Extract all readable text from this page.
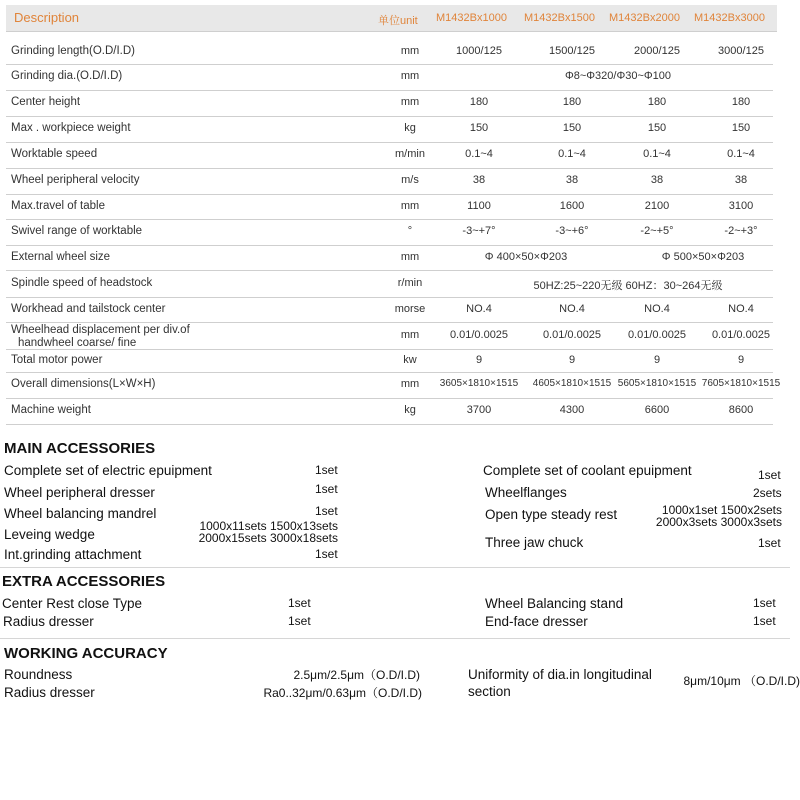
Description	单位unit M1432Bx1000 M1432Bx1500 M1432Bx2000 M1432Bx3000
Grinding length(O.D/I.D)	mm	1000/125	1500/125	2000/125	3000/125
Grinding dia.(O.D/I.D)	mm	Φ8~Φ320/Φ30~Φ100
Center height	mm	180	180	180	180
Max . workpiece weight	kg	150	150	150	150
Worktable speed	m/min	0.1~4	0.1~4	0.1~4	0.1~4
Wheel peripheral velocity	m/s	38	38	38	38
Max.travel of table	mm	1100	1600	2100	3100
Swivel range of worktable	°	-3~+7°	-3~+6°	-2~+5°	-2~+3°
External wheel size	mm	Φ 400×50×Φ203	Φ 500×50×Φ203
Spindle speed of headstock	r/min	50HZ:25~220无级 60HZ：30~264无级
Workhead and tailstock center	morse	NO.4	NO.4	NO.4	NO.4
Wheelhead displacement per div.of
handwheel coarse/ fine
mm	0.01/0.0025	0.01/0.0025 0.01/0.0025 0.01/0.0025
Total motor power	kw	9	9	9	9
Overall dimensions(L×W×H)	mm 3605×1810×1515 4605×1810×1515 5605×1810×1515 7605×1810×1515
Machine weight	kg	3700	4300	6600	8600
MAIN ACCESSORIES
Complete set of electric epuipment	1set
Wheel peripheral dresser	1set
Wheel balancing mandrel	1set
Leveing wedge
1000x11sets 1500x13sets
2000x15sets 3000x18sets
Int.grinding attachment	1set
Complete set of coolant epuipment	1set
Wheelflanges	2sets
Open type steady rest	1000x1set 1500x2sets
2000x3sets 3000x3sets
Three jaw chuck	1set
EXTRA ACCESSORIES
Center Rest close Type	1set
Radius dresser	1set
Wheel Balancing stand	1set
End-face dresser	1set
WORKING ACCURACY
Roundness	2.5μm/2.5μm（O.D/I.D)
Radius dresser	Ra0..32μm/0.63μm（O.D/I.D)
Uniformity of dia.in longitudinal
section
8μm/10μm （O.D/I.D)
